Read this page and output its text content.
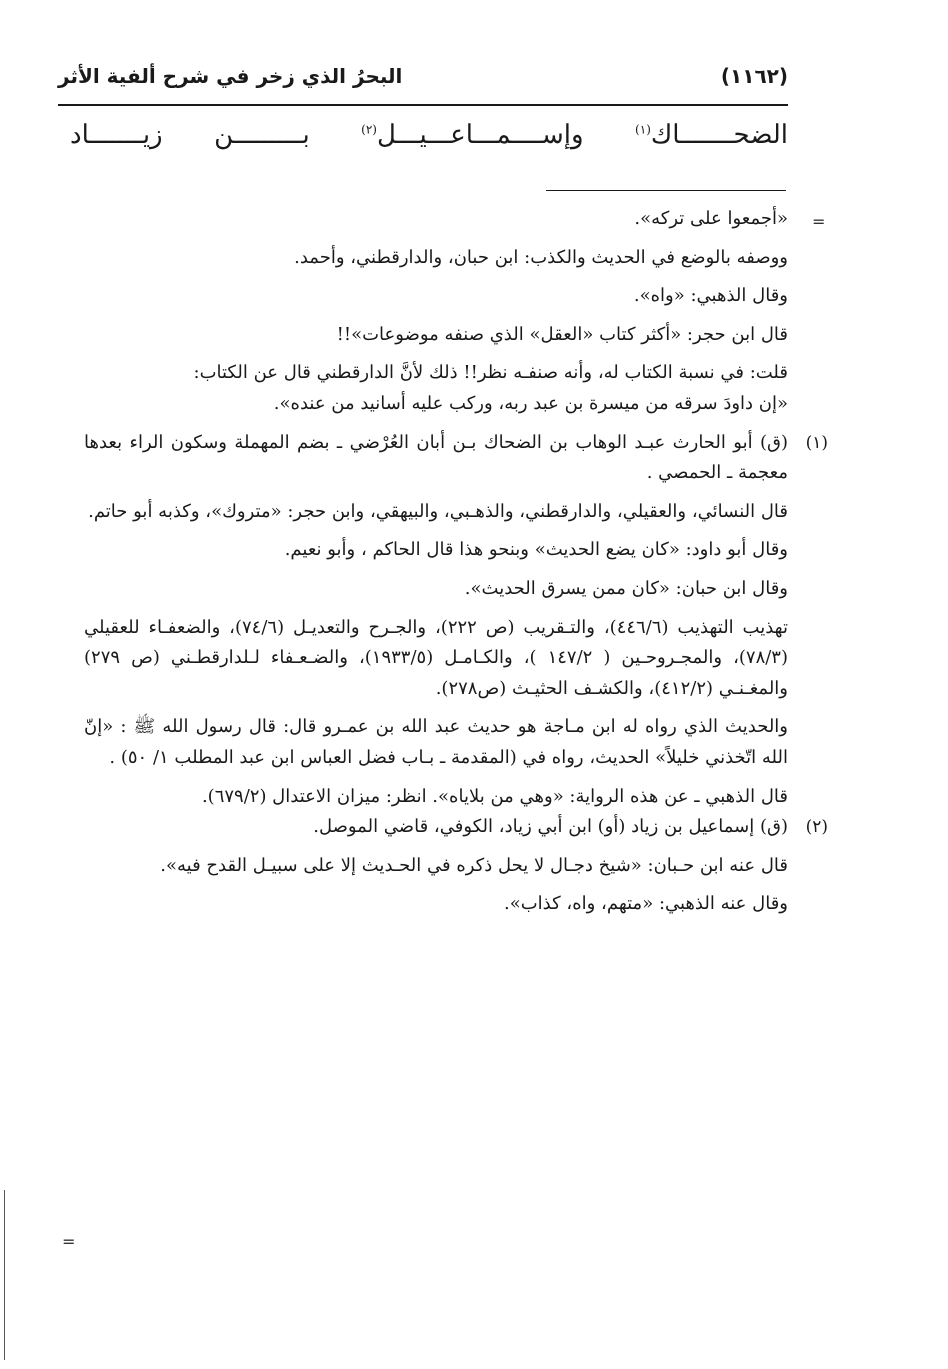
(١١٦٢)
البحرُ الذي زخر في شرح ألفية الأثر
الضحـــــــاك$^{(١)}$ وإســــمـــاعـــيـــل$^{(٢)}$ بـــــــــن زيـــــــاد
=

«أجمعوا على تركه».

ووصفه بالوضع في الحديث والكذب: ابن حبان، والدارقطني، وأحمد.

وقال الذهبي: «واه».

قال ابن حجر: «أكثر كتاب «العقل» الذي صنفه موضوعات»!!

قلت: في نسبة الكتاب له، وأنه صنفـه نظر!! ذلك لأنَّ الدارقطني قال عن الكتاب:

«إن داودَ سرقه من ميسرة بن عبد ربه، وركب عليه أسانيد من عنده».

(١)
(ق) أبو الحارث عبـد الوهاب بن الضحاك بـن أبان العُرْضي ـ بضم المهملة وسكون الراء بعدها معجمة ـ الحمصي .

قال النسائي، والعقيلي، والدارقطني، والذهـبي، والبيهقي، وابن حجر: «متروك»، وكذبه أبو حاتم.

وقال أبو داود: «كان يضع الحديث» وبنحو هذا قال الحاكم ، وأبو نعيم.

وقال ابن حبان: «كان ممن يسرق الحديث».

تهذيب التهذيب (٤٤٦/٦)، والتـقريب (ص ٢٢٢)، والجـرح والتعديـل (٧٤/٦)، والضعفـاء للعقيلي (٧٨/٣)، والمجـروحـين ( ١٤٧/٢ )، والكـامـل (١٩٣٣/٥)، والضـعـفاء لـلدارقطـني (ص ٢٧٩) والمغـنـي (٤١٢/٢)، والكشـف الحثيـث (ص٢٧٨).

والحديث الذي رواه له ابن مـاجة هو حديث عبد الله بن عمـرو قال: قال رسول الله ﷺ : «إنّ الله اتّخذني خليلاً» الحديث، رواه في (المقدمة ـ بـاب فضل العباس ابن عبد المطلب ١/ ٥٠) .

قال الذهبي ـ عن هذه الرواية: «وهي من بلاياه». انظر: ميزان الاعتدال (٦٧٩/٢).

(٢)
(ق) إسماعيل بن زياد (أو) ابن أبي زياد، الكوفي، قاضي الموصل.

قال عنه ابن حـبان: «شيخ دجـال لا يحل ذكره في الحـديث إلا على سبيـل القدح فيه».

وقال عنه الذهبي: «متهم، واه، كذاب».

=
